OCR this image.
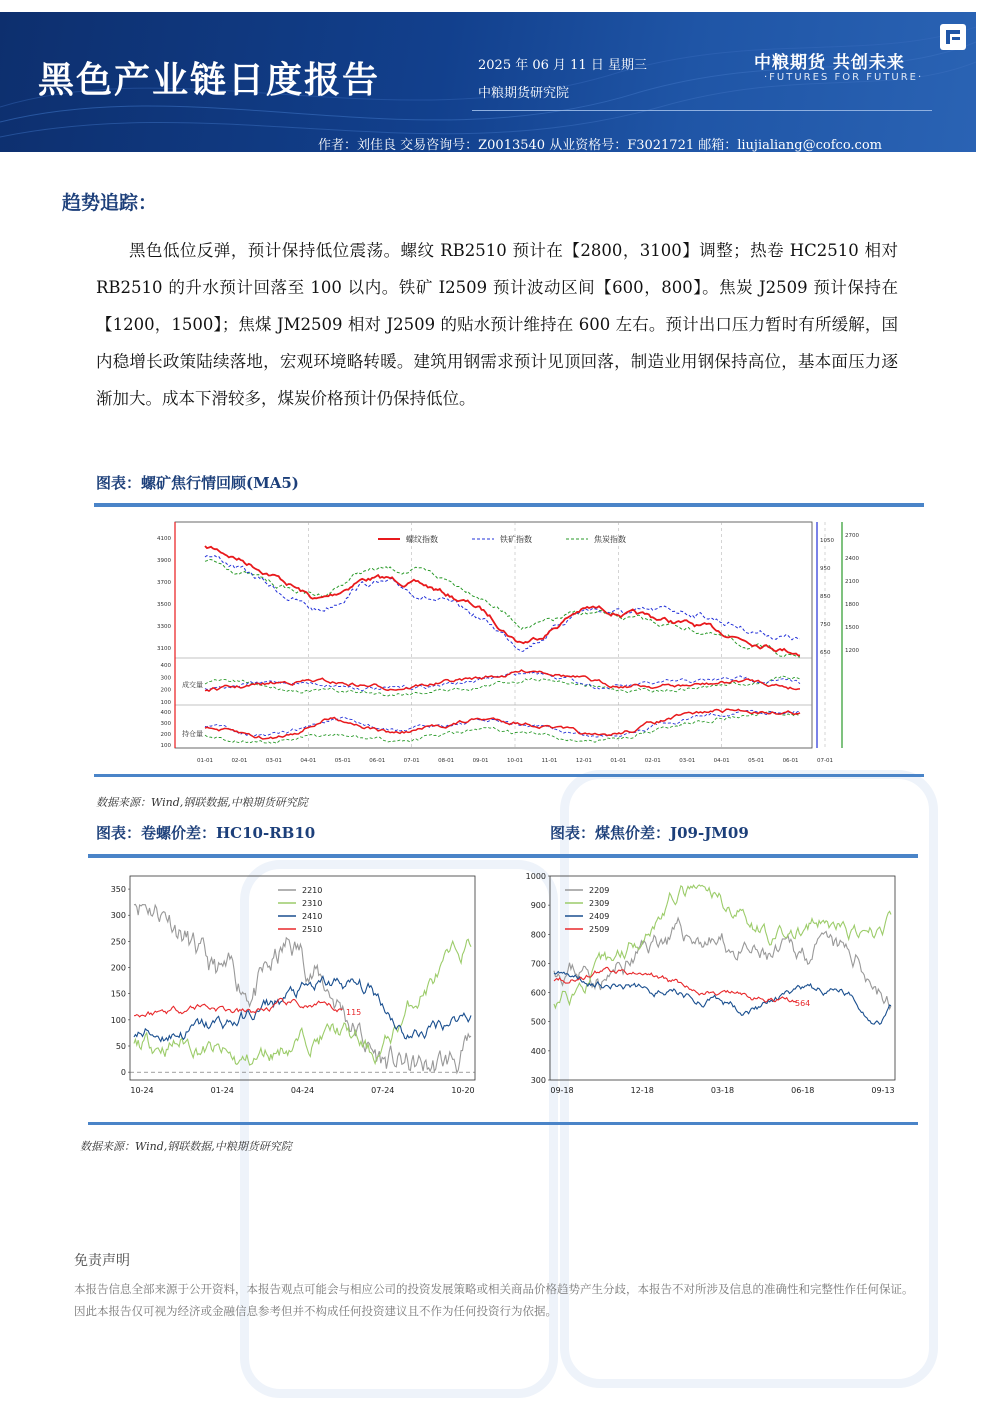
黑色产业链日度报告	2025 年 06 月 11 日 星期三
中粮期货研究院
中粮期货 共创未来
·FUTURES FOR FUTURE·
作者：刘佳良 交易咨询号：Z0013540 从业资格号：F3021721 邮箱：liujialiang@cofco.com
趋势追踪：
黑色低位反弹，预计保持低位震荡。螺纹 RB2510 预计在【2800，3100】调整；热卷 HC2510 相对 RB2510 的升水预计回落至 100 以内。铁矿 I2509 预计波动区间【600，800】。焦炭 J2509 预计保持在【1200，1500】；焦煤 JM2509 相对 J2509 的贴水预计维持在 600 左右。预计出口压力暂时有所缓解，国内稳增长政策陆续落地，宏观环境略转暖。建筑用钢需求预计见顶回落，制造业用钢保持高位，基本面压力逐渐加大。成本下滑较多，煤炭价格预计仍保持低位。
图表：螺矿焦行情回顾(MA5)
01-01	02-01	03-01	04-01	05-01	06-01	07-01	08-01	09-01	10-01	11-01	12-01	01-01	02-01	03-01	04-01	05-01	06-01	07-01
4100
3900
3700
3500
3300
3100
1050
950
850
750
650
2700
2400
2100
1800
1500
1200
400
300
200
100
400
300
200
100
成交量
持仓量
螺纹指数	铁矿指数	焦炭指数
数据来源：Wind,钢联数据,中粮期货研究院
图表：卷螺价差：HC10-RB10	图表：煤焦价差：J09-JM09
350
300
250
200
150
100
50
0
10-24	01-24	04-24	07-24	10-20
2210
2310
2410
2510
115
1000
900
800
700
600
500
400
300
09-18	12-18	03-18	06-18	09-13
2209
2309
2409
2509
564
数据来源：Wind,钢联数据,中粮期货研究院
免责声明
本报告信息全部来源于公开资料，本报告观点可能会与相应公司的投资发展策略或相关商品价格趋势产生分歧，本报告不对所涉及信息的准确性和完整性作任何保证。因此本报告仅可视为经济或金融信息参考但并不构成任何投资建议且不作为任何投资行为依据。
